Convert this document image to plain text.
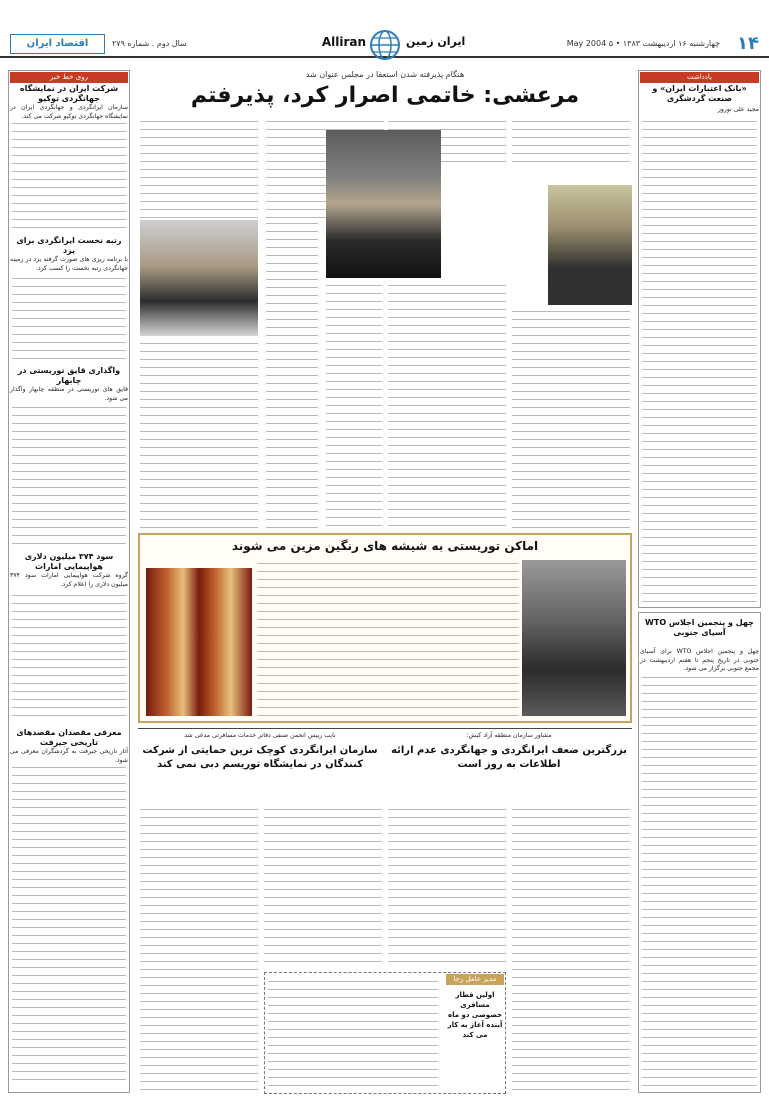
اقتصاد ایران	سال دوم . شماره ۲۷۹	Alliran	ایران زمین	چهارشنبه ۱۶ اردیبهشت ۱۳۸۳ • ۵ May 2004 ۱۴
روی خط خبر
شرکت ایران در نمایشگاه جهانگردی توکیو
سازمان ایرانگردی و جهانگردی ایران در نمایشگاه جهانگردی توکیو شرکت می کند.
رتبه نخست ایرانگردی برای یزد
با برنامه ریزی های صورت گرفته یزد در زمینه جهانگردی رتبه نخست را کسب کرد.
واگذاری قایق توریستی در چابهار
قایق های توریستی در منطقه چابهار واگذار می شود.
سود ۳۷۴ میلیون دلاری هواپیمایی امارات
گروه شرکت هواپیمایی امارات سود ۳۷۴ میلیون دلاری را اعلام کرد.
معرفی مقصدان مقصدهای تاریخی جیرفت
آثار تاریخی جیرفت به گردشگران معرفی می شود.
یادداشت
«بانک اعتبارات ایران» و صنعت گردشگری
مجید علی نوروز
چهل و پنجمین اجلاس WTO آسیای جنوبی
چهل و پنجمین اجلاس WTO برای آسیای جنوبی در تاریخ پنجم تا هفتم اردیبهشت در مجمع جنوبی برگزار می شود.
هنگام پذیرفته شدن استعفا در مجلس عنوان شد
مرعشی: خاتمی اصرار کرد، پذیرفتم
اماکن توریستی به شیشه های رنگین مزین می شوند
نایب رییس انجمن صنفی دفاتر خدمات مسافرتی مدعی شد
سازمان ایرانگردی کوچک ترین حمایتی از شرکت کنندگان در نمایشگاه توریسم دبی نمی کند
مشاور سازمان منطقه آزاد کیش:
بزرگترین ضعف ایرانگردی و جهانگردی عدم ارائه اطلاعات به روز است
مدیر عامل رجا
اولین قطار مسافری خصوصی دو ماه آینده آغاز به کار می کند
